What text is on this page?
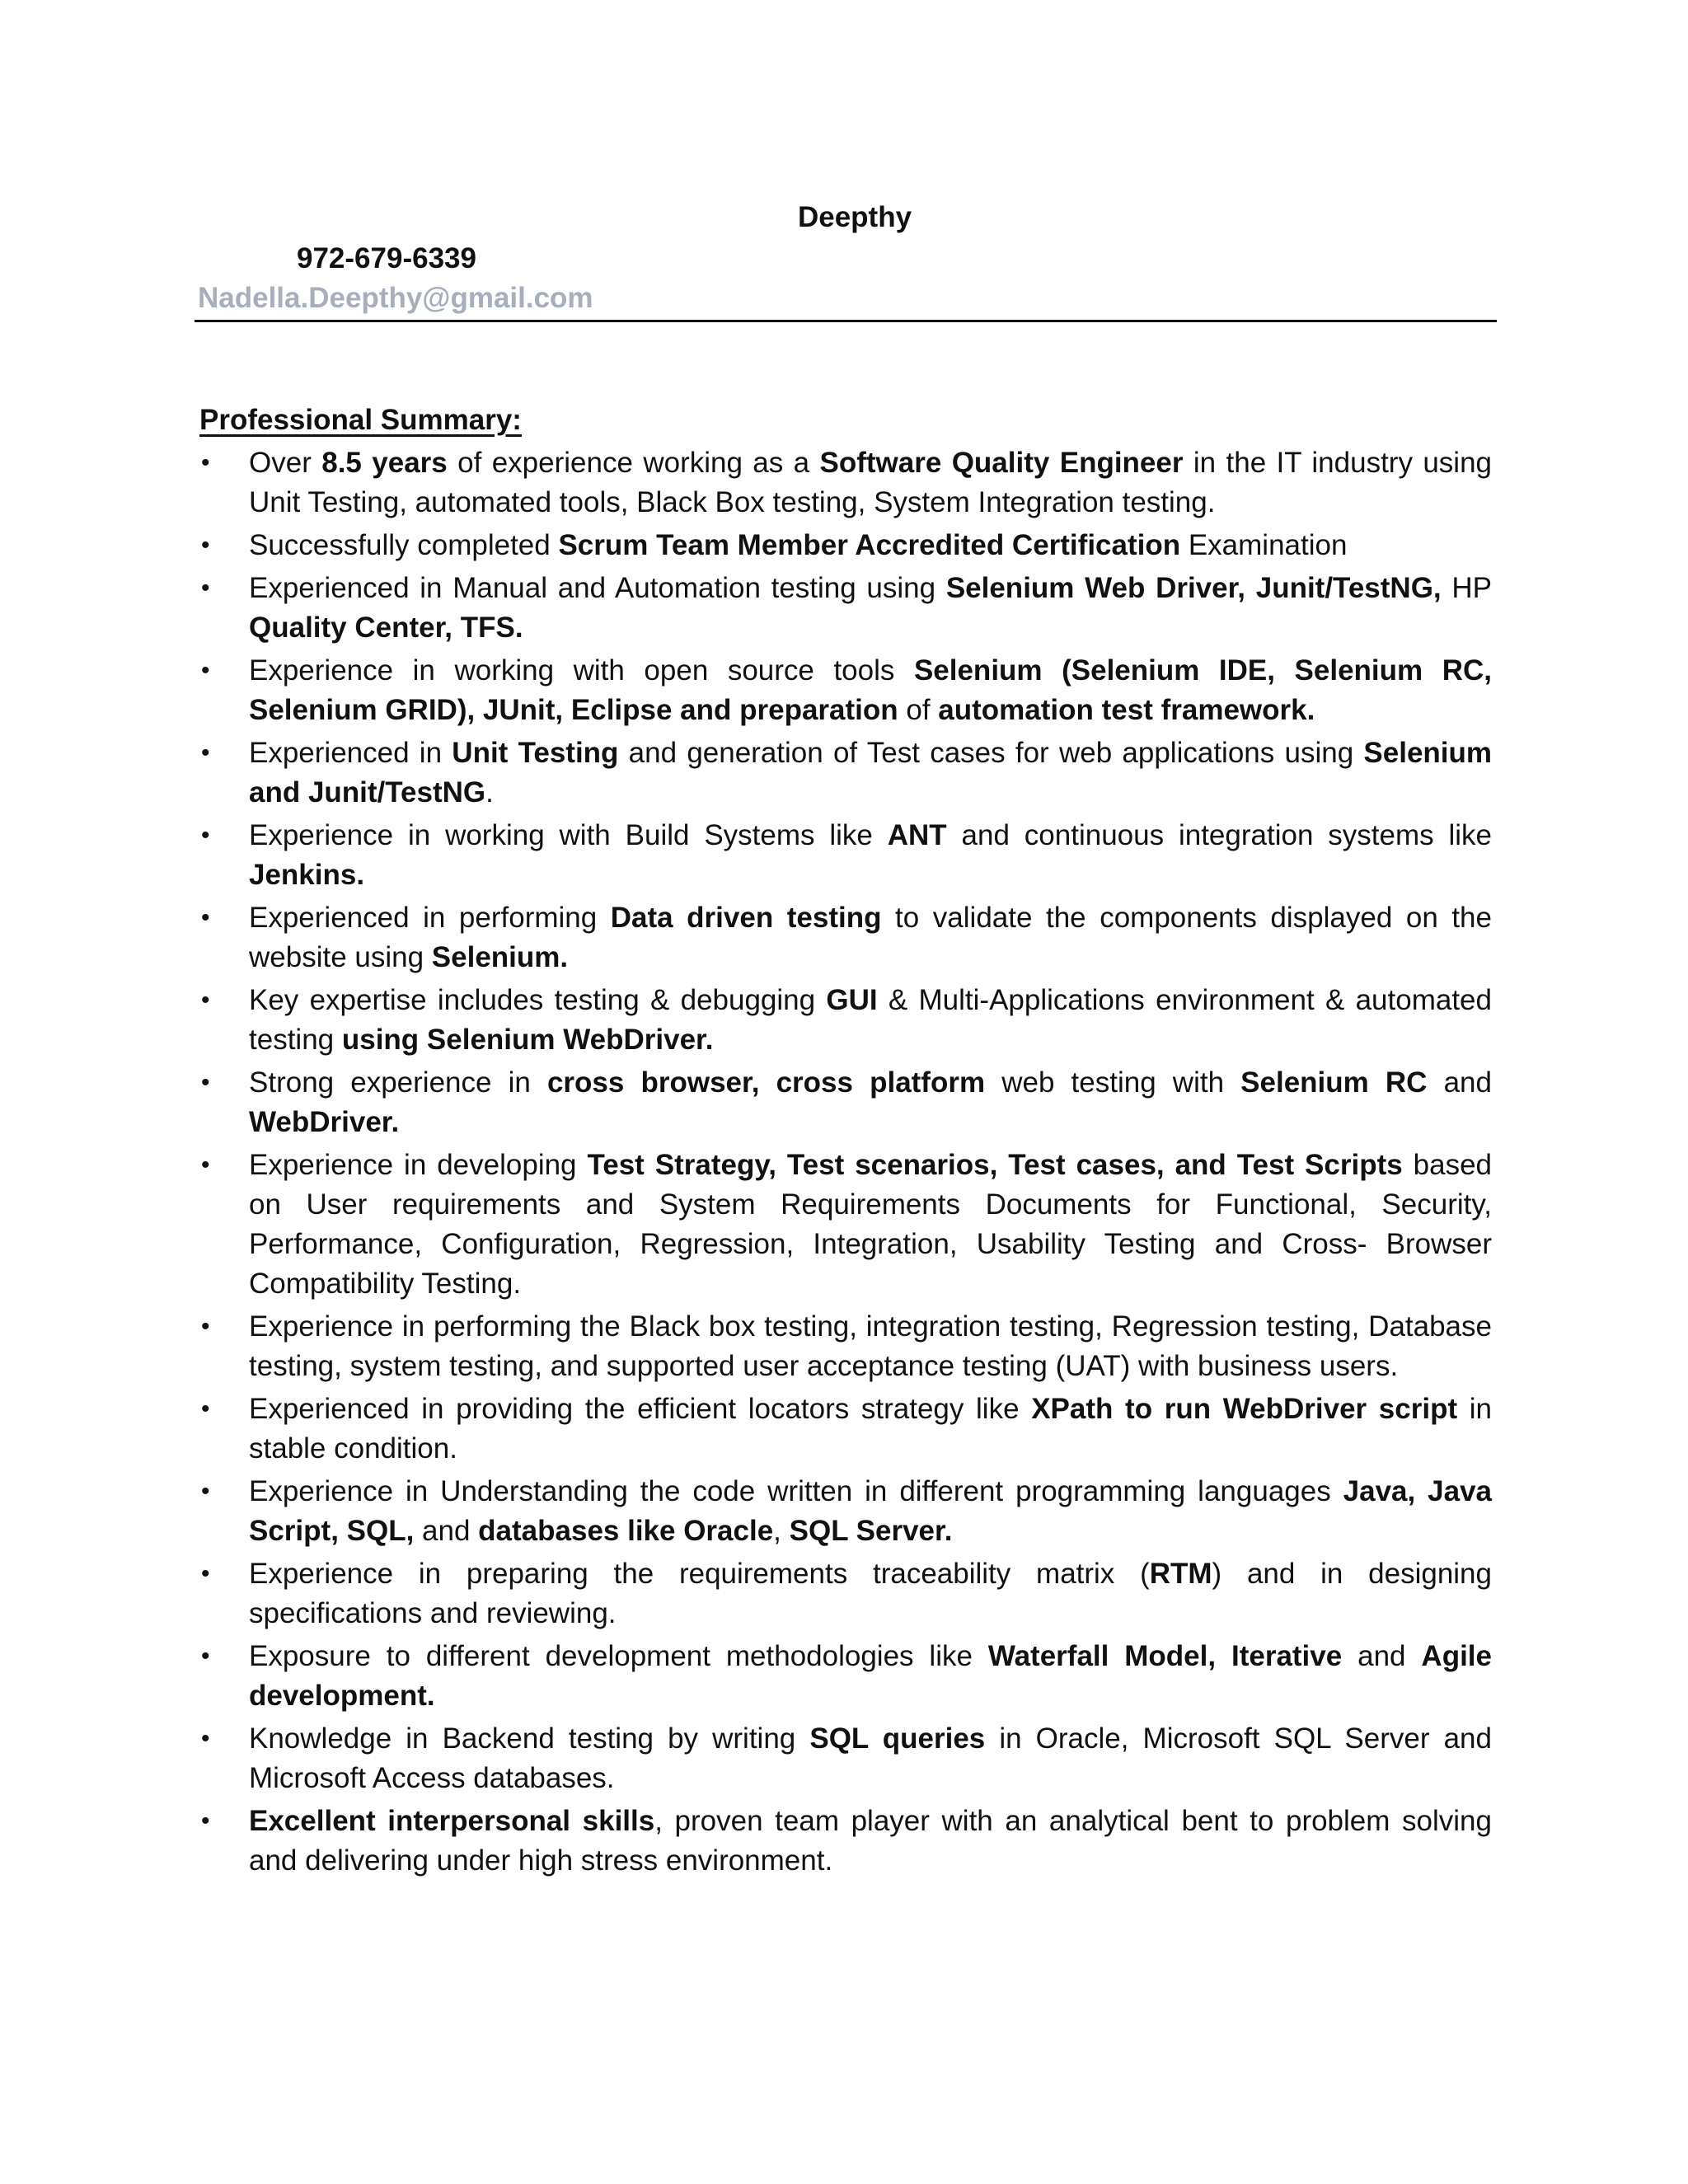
Deepthy
972-679-6339
Nadella.Deepthy@gmail.com
Professional Summary:
•	Over 8.5 years of experience working as a Software Quality Engineer in the IT industry using Unit Testing, automated tools, Black Box testing, System Integration testing.
•	Successfully completed Scrum Team Member Accredited Certification Examination
•	Experienced in Manual and Automation testing using Selenium Web Driver, Junit/TestNG, HP Quality Center, TFS.
•	Experience in working with open source tools Selenium (Selenium IDE, Selenium RC, Selenium GRID), JUnit, Eclipse and preparation of automation test framework.
•	Experienced in Unit Testing and generation of Test cases for web applications using Selenium and Junit/TestNG.
•	Experience in working with Build Systems like ANT and continuous integration systems like Jenkins.
•	Experienced in performing Data driven testing to validate the components displayed on the website using Selenium.
•	Key expertise includes testing & debugging GUI & Multi-Applications environment & automated testing using Selenium WebDriver.
•	Strong experience in cross browser, cross platform web testing with Selenium RC and WebDriver.
•	Experience in developing Test Strategy, Test scenarios, Test cases, and Test Scripts based on User requirements and System Requirements Documents for Functional, Security, Performance, Configuration, Regression, Integration, Usability Testing and Cross- Browser Compatibility Testing.
•	Experience in performing the Black box testing, integration testing, Regression testing, Database testing, system testing, and supported user acceptance testing (UAT) with business users.
•	Experienced in providing the efficient locators strategy like XPath to run WebDriver script in stable condition.
•	Experience in Understanding the code written in different programming languages Java, Java Script, SQL, and databases like Oracle, SQL Server.
•	Experience in preparing the requirements traceability matrix (RTM) and in designing specifications and reviewing.
•	Exposure to different development methodologies like Waterfall Model, Iterative and Agile development.
•	Knowledge in Backend testing by writing SQL queries in Oracle, Microsoft SQL Server and Microsoft Access databases.
•	Excellent interpersonal skills, proven team player with an analytical bent to problem solving and delivering under high stress environment.
